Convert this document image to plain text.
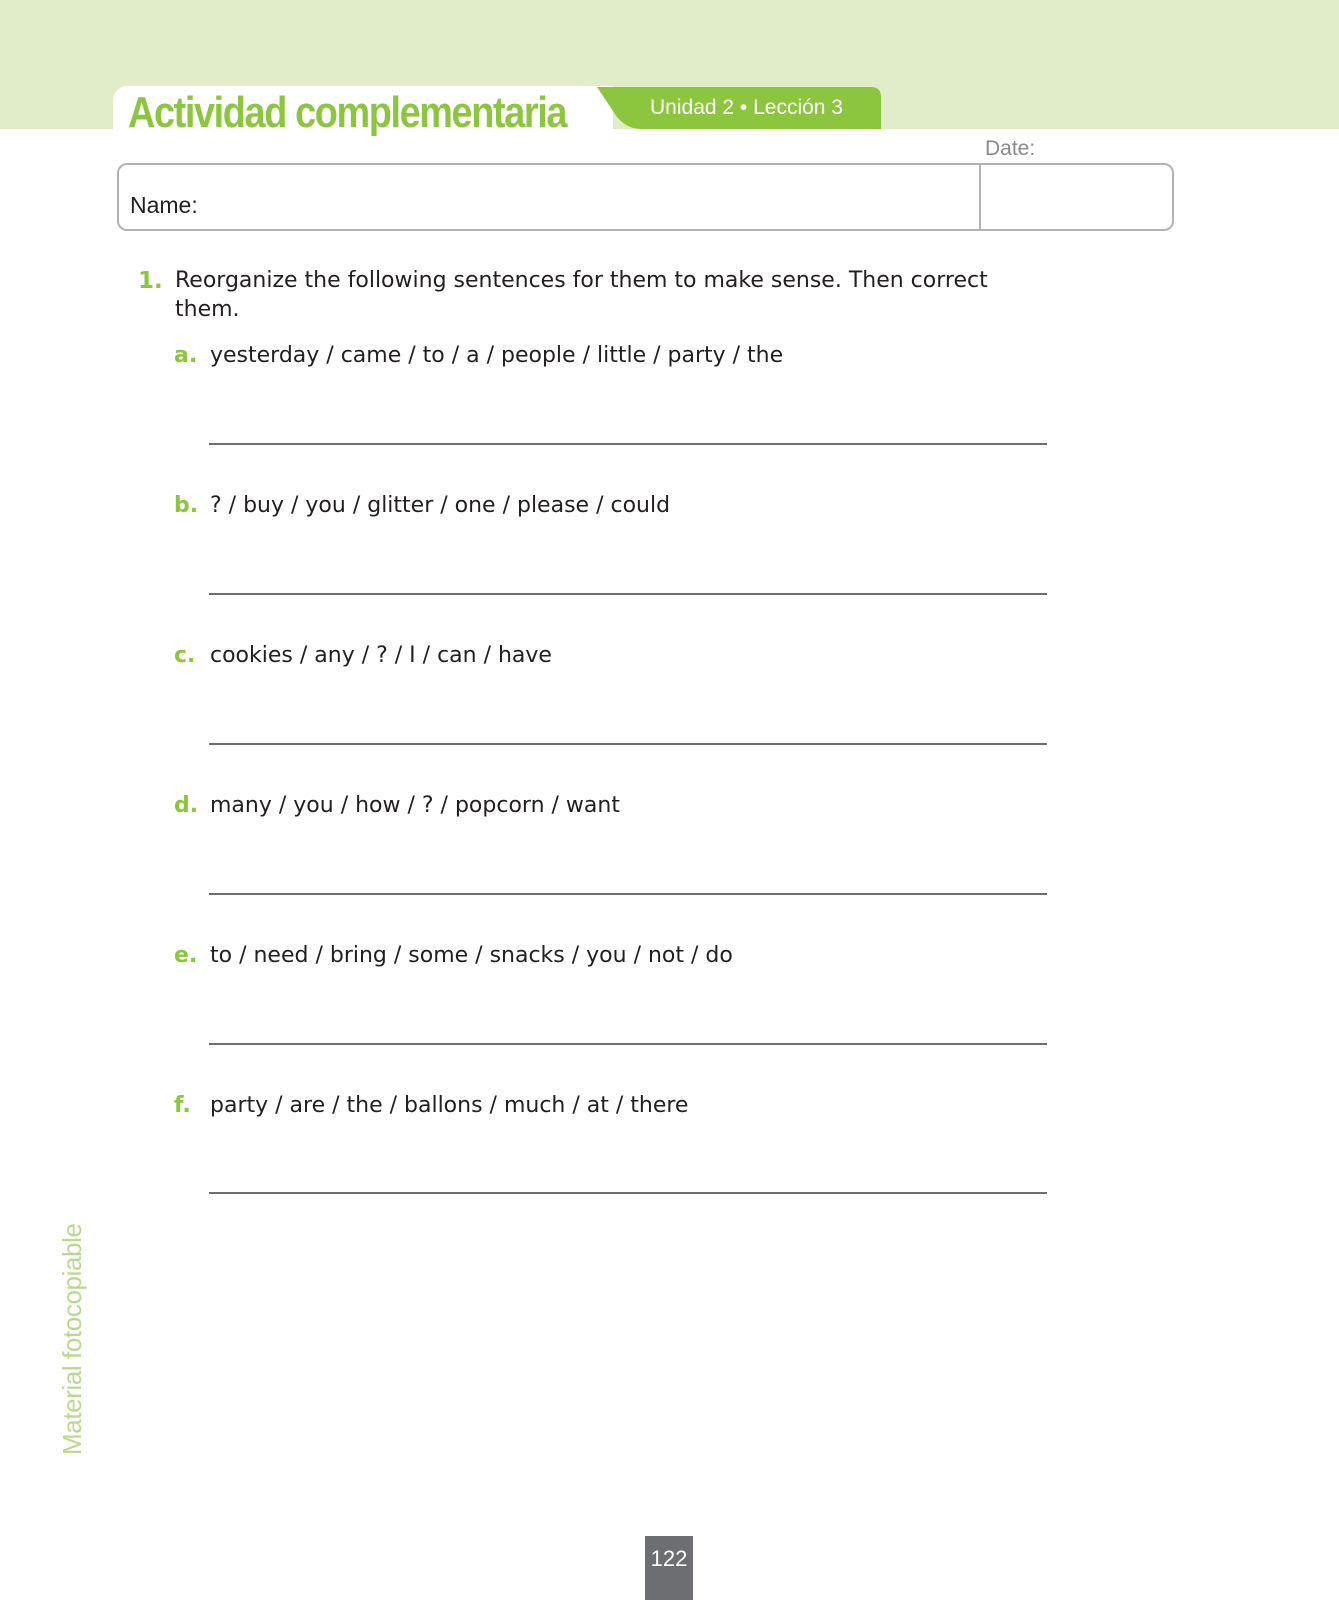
Actividad complementaria	Unidad 2 • Lección 3
Date:
Name:
1. Reorganize the following sentences for them to make sense. Then correct them.
a. yesterday / came / to / a / people / little / party / the
b. ? / buy / you / glitter / one / please / could
c. cookies / any / ? / I / can / have
d. many / you / how / ? / popcorn / want
e. to / need / bring / some / snacks / you / not / do
f. party / are / the / ballons / much / at / there
Material fotocopiable
122
